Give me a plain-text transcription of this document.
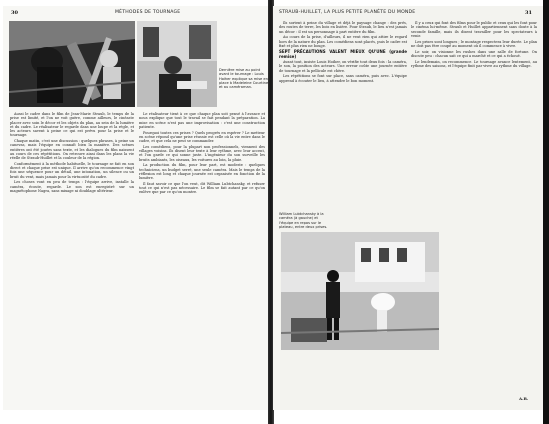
30	MÉTHODES DE TOURNAGE
Dernière mise au point avant le tournage : Louis Hoiher explique sa mise en place à Madeleine Courtine et au caméraman.

Aussi le cadre dans le film de Jean-Marie Straub, le temps de la prise est limité, et l'on ne voit guère, comme ailleurs, le cinéaste placer avec soin le décor et les objets du plan, au sein de la lumière et du cadre. Le réalisateur le regarde dans une loupe et la règle, et les acteurs savent à peine ce qui est prévu pour la prise et le tournage.

Chaque matin, c'est une discussion : quelques phrases, à peine un canevas, mais l'équipe en connaît bien la manière. Des scènes entières ont été jouées sans texte, et les dialogues du film naissent au cours de ces répétitions. On retrouve ainsi dans les plans la vie réelle de Straub-Huillet et la couleur de la région.

Conformément à la méthode habituelle, le tournage se fait en son direct et chaque prise est unique. Il arrive qu'on recommence vingt fois une séquence pour un détail, une intonation, un silence ou un bruit du vent, mais jamais pour la virtuosité du cadre.

Les choses vont en peu de temps : l'équipe arrive, installe la caméra, écoute, regarde. Le son est enregistré sur un magnétophone Nagra, sans mixage ni doublage ultérieur.

Le réalisateur tient à ce que chaque plan soit pensé à l'avance et nous explique que tout le travail se fait pendant la préparation. La mise en scène n'est pas une improvisation : c'est une construction patiente.

Pourquoi toutes ces prises ? Quels progrès en espérer ? Le metteur en scène répond qu'une prise réussie est celle où la vie entre dans le cadre, et que cela ne peut se commander.

Les comédiens, pour la plupart non professionnels, viennent des villages voisins. Ils disent leur texte à leur rythme, avec leur accent, et l'on garde ce qui sonne juste. L'ingénieur du son surveille les bruits ambiants, les oiseaux, les voitures au loin, la pluie.

La production du film, pour leur part, est modeste : quelques techniciens, un budget serré, une seule caméra. Mais le temps de la réflexion est long et chaque journée est organisée en fonction de la lumière.

Il faut savoir ce que l'on veut, dit William Lubtchansky, et refuser tout ce qui n'est pas nécessaire. Le film se fait autant par ce qu'on enlève que par ce qu'on montre.

STRAUB-HUILLET, LA PLUS PETITE PLANÈTE DU MONDE	31

Ils sortent à peine du village et déjà le paysage change : des prés, des routes de terre, les bois en lisière. Pour Straub, le lieu n'est jamais un décor : il est un personnage à part entière du film.

Au cours de la prise, d'ailleurs, il ne veut rien qui attire le regard hors de la nature du plan. Les comédiens sont placés, puis le cadre est fixé et plus rien ne bouge.

SEPT PRÉCAUTIONS VALENT MIEUX QU'UNE (grande remise)

Avant tout, insiste Louis Hoiher, on vérifie tout deux fois : la caméra, le son, la position des acteurs. Une erreur coûte une journée entière de tournage et la pellicule est chère.

Les répétitions se font sur place, sans caméra, puis avec. L'équipe apprend à écouter le lieu, à attendre le bon moment.

Il y a ceux qui font des films pour le public et ceux qui les font pour le cinéma lui-même. Straub et Huillet appartiennent sans doute à la seconde famille, mais ils disent travailler pour les spectateurs à venir.

Les prises sont longues ; le montage respectera leur durée. Le plan ne doit pas être coupé au moment où il commence à vivre.

Le soir, on visionne les rushes dans une salle de fortune. On discute peu : chacun sait ce qui a marché et ce qui a échoué.

Le lendemain, on recommence. Le tournage avance lentement, au rythme des saisons, et l'équipe finit par vivre au rythme du village.

William Lubtchansky à la caméra (à gauche) et l'équipe en repos sur le plateau, entre deux prises.
A.B.
